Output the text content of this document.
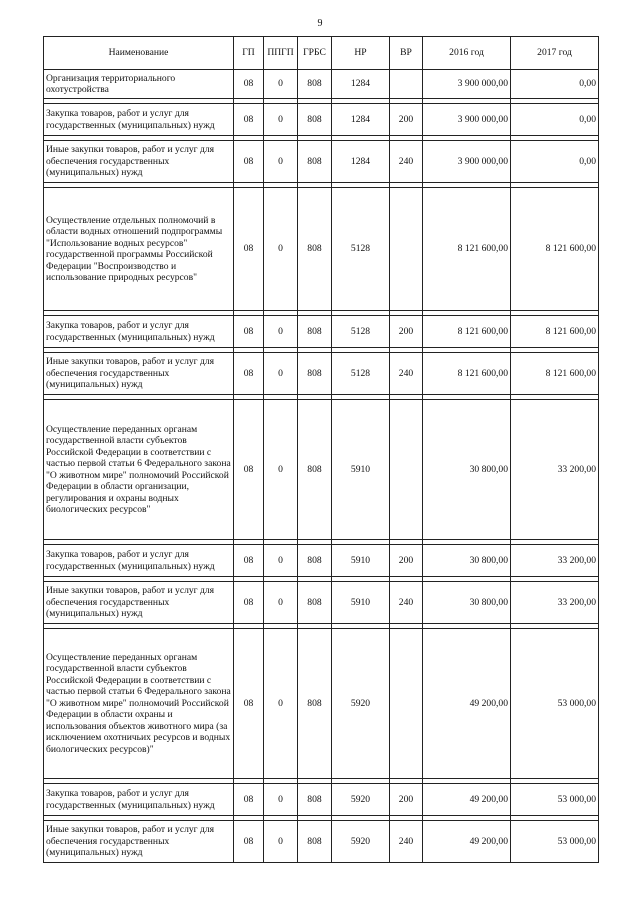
9
Наименование	ГП	ППГП	ГРБС	НР	ВР	2016 год	2017 год
Организация территориального охотустройства	08	0	808	1284		3 900 000,00	0,00

Закупка товаров, работ и услуг для государственных (муниципальных) нужд	08	0	808	1284	200	3 900 000,00	0,00

Иные закупки товаров, работ и услуг для обеспечения государственных (муниципальных) нужд	08	0	808	1284	240	3 900 000,00	0,00

Осуществление отдельных полномочий в области водных отношений подпрограммы "Использование водных ресурсов" государственной программы Российской Федерации "Воспроизводство и использование природных ресурсов"	08	0	808	5128		8 121 600,00	8 121 600,00

Закупка товаров, работ и услуг для государственных (муниципальных) нужд	08	0	808	5128	200	8 121 600,00	8 121 600,00

Иные закупки товаров, работ и услуг для обеспечения государственных (муниципальных) нужд	08	0	808	5128	240	8 121 600,00	8 121 600,00

Осуществление переданных органам государственной власти субъектов Российской Федерации в соответствии с частью первой статьи 6 Федерального закона "О животном мире" полномочий Российской Федерации в области организации, регулирования и охраны водных биологических ресурсов"	08	0	808	5910		30 800,00	33 200,00

Закупка товаров, работ и услуг для государственных (муниципальных) нужд	08	0	808	5910	200	30 800,00	33 200,00

Иные закупки товаров, работ и услуг для обеспечения государственных (муниципальных) нужд	08	0	808	5910	240	30 800,00	33 200,00

Осуществление переданных органам государственной власти субъектов Российской Федерации в соответствии с частью первой статьи 6 Федерального закона "О животном мире" полномочий Российской Федерации в области охраны и использования объектов животного мира (за исключением охотничьих ресурсов и водных биологических ресурсов)"	08	0	808	5920		49 200,00	53 000,00

Закупка товаров, работ и услуг для государственных (муниципальных) нужд	08	0	808	5920	200	49 200,00	53 000,00

Иные закупки товаров, работ и услуг для обеспечения государственных (муниципальных) нужд	08	0	808	5920	240	49 200,00	53 000,00
